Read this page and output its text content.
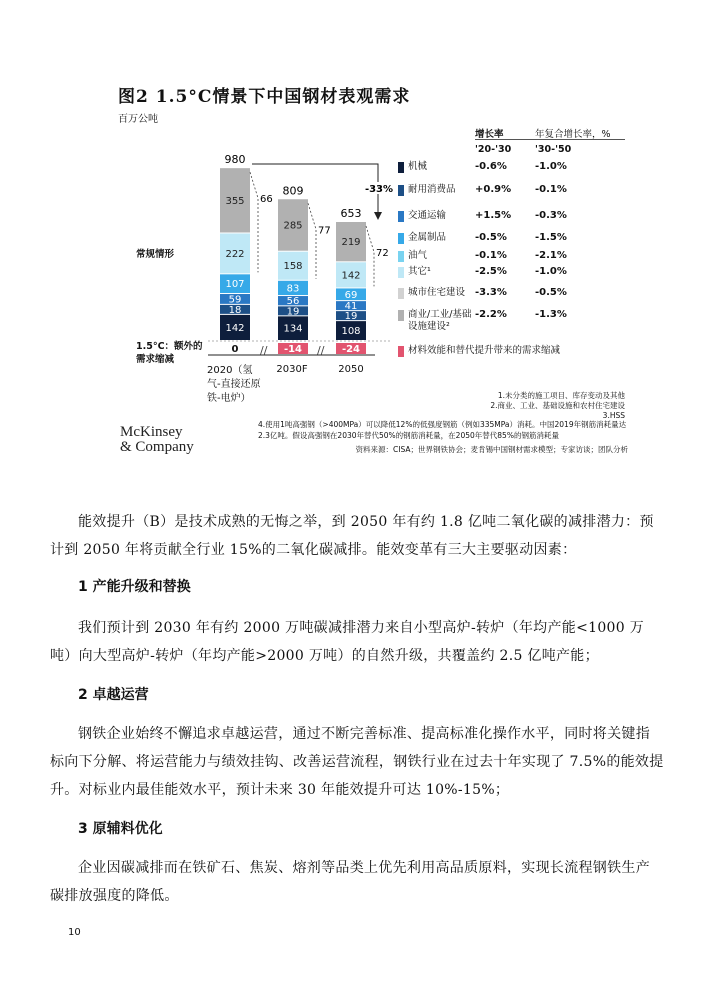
图2 1.5°C情景下中国钢材表观需求
百万公吨
增长率	年复合增长率，%
'20-'30	'30-'50
常规情形
1.5°C：额外的需求缩减
142
18
59
107
222
355
0
134
19
56
83
158
285
-14
108
19
41
69
142
219
-24
980
809
653
66
77
72
//	//
-33%
2020（氢气-直接还原铁-电炉）
2030F	2050
机械	-0.6%	-1.0%
耐用消费品	+0.9% -0.1%
交通运输	+1.5% -0.3%
金属制品	-0.5%	-1.5%
油气	-0.1%	-2.1%
其它¹	-2.5%	-1.0%
城市住宅建设 -3.3%	-0.5%
商业/工业/基础设施建设²
-2.2%	-1.3%
材料效能和替代提升带来的需求缩减
1.未分类的施工项目、库存变动及其他
2.商业、工业、基础设施和农村住宅建设
3.HSS
4.使用1吨高强钢（>400MPa）可以降低12%的低强度钢筋（例如335MPa）消耗。中国2019年钢筋消耗量达2.3亿吨。假设高强钢在2030年替代50%的钢筋消耗量，在2050年替代85%的钢筋消耗量
资料来源：CISA；世界钢铁协会；麦肯锡中国钢材需求模型；专家访谈；团队分析
McKinsey
& Company
能效提升（B）是技术成熟的无悔之举，到 2050 年有约 1.8 亿吨二氧化碳的减排潜力：预计到 2050 年将贡献全行业 15%的二氧化碳减排。能效变革有三大主要驱动因素：
1 产能升级和替换
我们预计到 2030 年有约 2000 万吨碳减排潜力来自小型高炉-转炉（年均产能<1000 万吨）向大型高炉-转炉（年均产能>2000 万吨）的自然升级，共覆盖约 2.5 亿吨产能；
2 卓越运营
钢铁企业始终不懈追求卓越运营，通过不断完善标准、提高标准化操作水平，同时将关键指标向下分解、将运营能力与绩效挂钩、改善运营流程，钢铁行业在过去十年实现了 7.5%的能效提升。对标业内最佳能效水平，预计未来 30 年能效提升可达 10%-15%；
3 原辅料优化
企业因碳减排而在铁矿石、焦炭、熔剂等品类上优先利用高品质原料，实现长流程钢铁生产碳排放强度的降低。
10
